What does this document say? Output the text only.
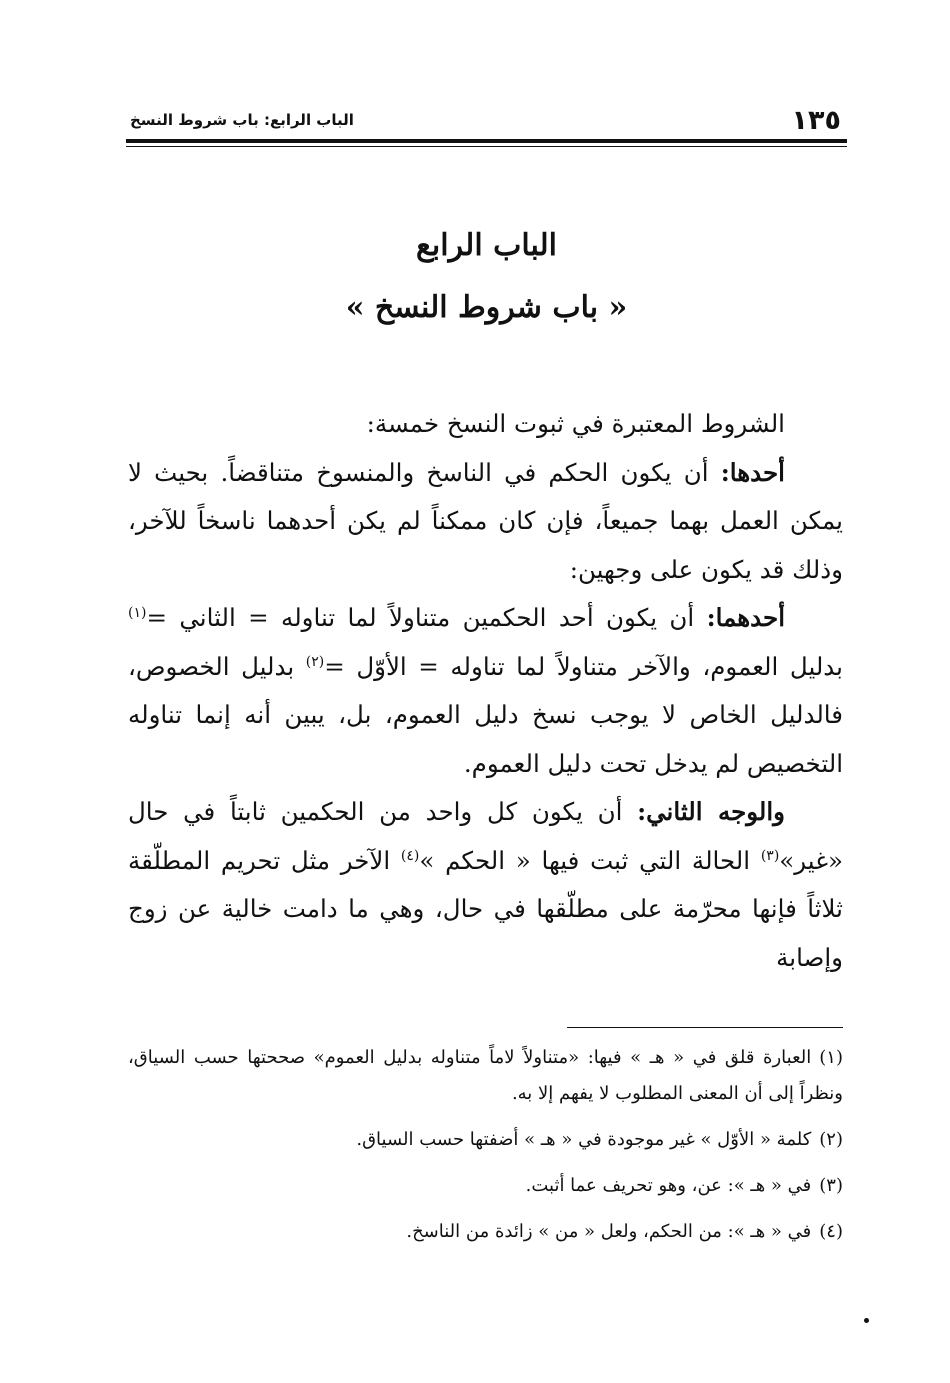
١٣٥
الباب الرابع: باب شروط النسخ
الباب الرابع
« باب شروط النسخ »

الشروط المعتبرة في ثبوت النسخ خمسة:

أحدها: أن يكون الحكم في الناسخ والمنسوخ متناقضاً. بحيث لا يمكن العمل بهما جميعاً، فإن كان ممكناً لم يكن أحدهما ناسخاً للآخر، وذلك قد يكون على وجهين:

أحدهما: أن يكون أحد الحكمين متناولاً لما تناوله = الثاني =$^{(١)}$ بدليل العموم، والآخر متناولاً لما تناوله = الأوّل =$^{(٢)}$ بدليل الخصوص، فالدليل الخاص لا يوجب نسخ دليل العموم، بل، يبين أنه إنما تناوله التخصيص لم يدخل تحت دليل العموم.

والوجه الثاني: أن يكون كل واحد من الحكمين ثابتاً في حال «غير»$^{(٣)}$ الحالة التي ثبت فيها « الحكم »$^{(٤)}$ الآخر مثل تحريم المطلّقة ثلاثاً فإنها محرّمة على مطلّقها في حال، وهي ما دامت خالية عن زوج وإصابة

(١)العبارة قلق في « هـ » فيها: «متناولاً لاماً متناوله بدليل العموم» صححتها حسب السياق، ونظراً إلى أن المعنى المطلوب لا يفهم إلا به.

(٢)كلمة « الأوّل » غير موجودة في « هـ » أضفتها حسب السياق.

(٣)في « هـ »: عن، وهو تحريف عما أثبت.

(٤)في « هـ »: من الحكم، ولعل « من » زائدة من الناسخ.
